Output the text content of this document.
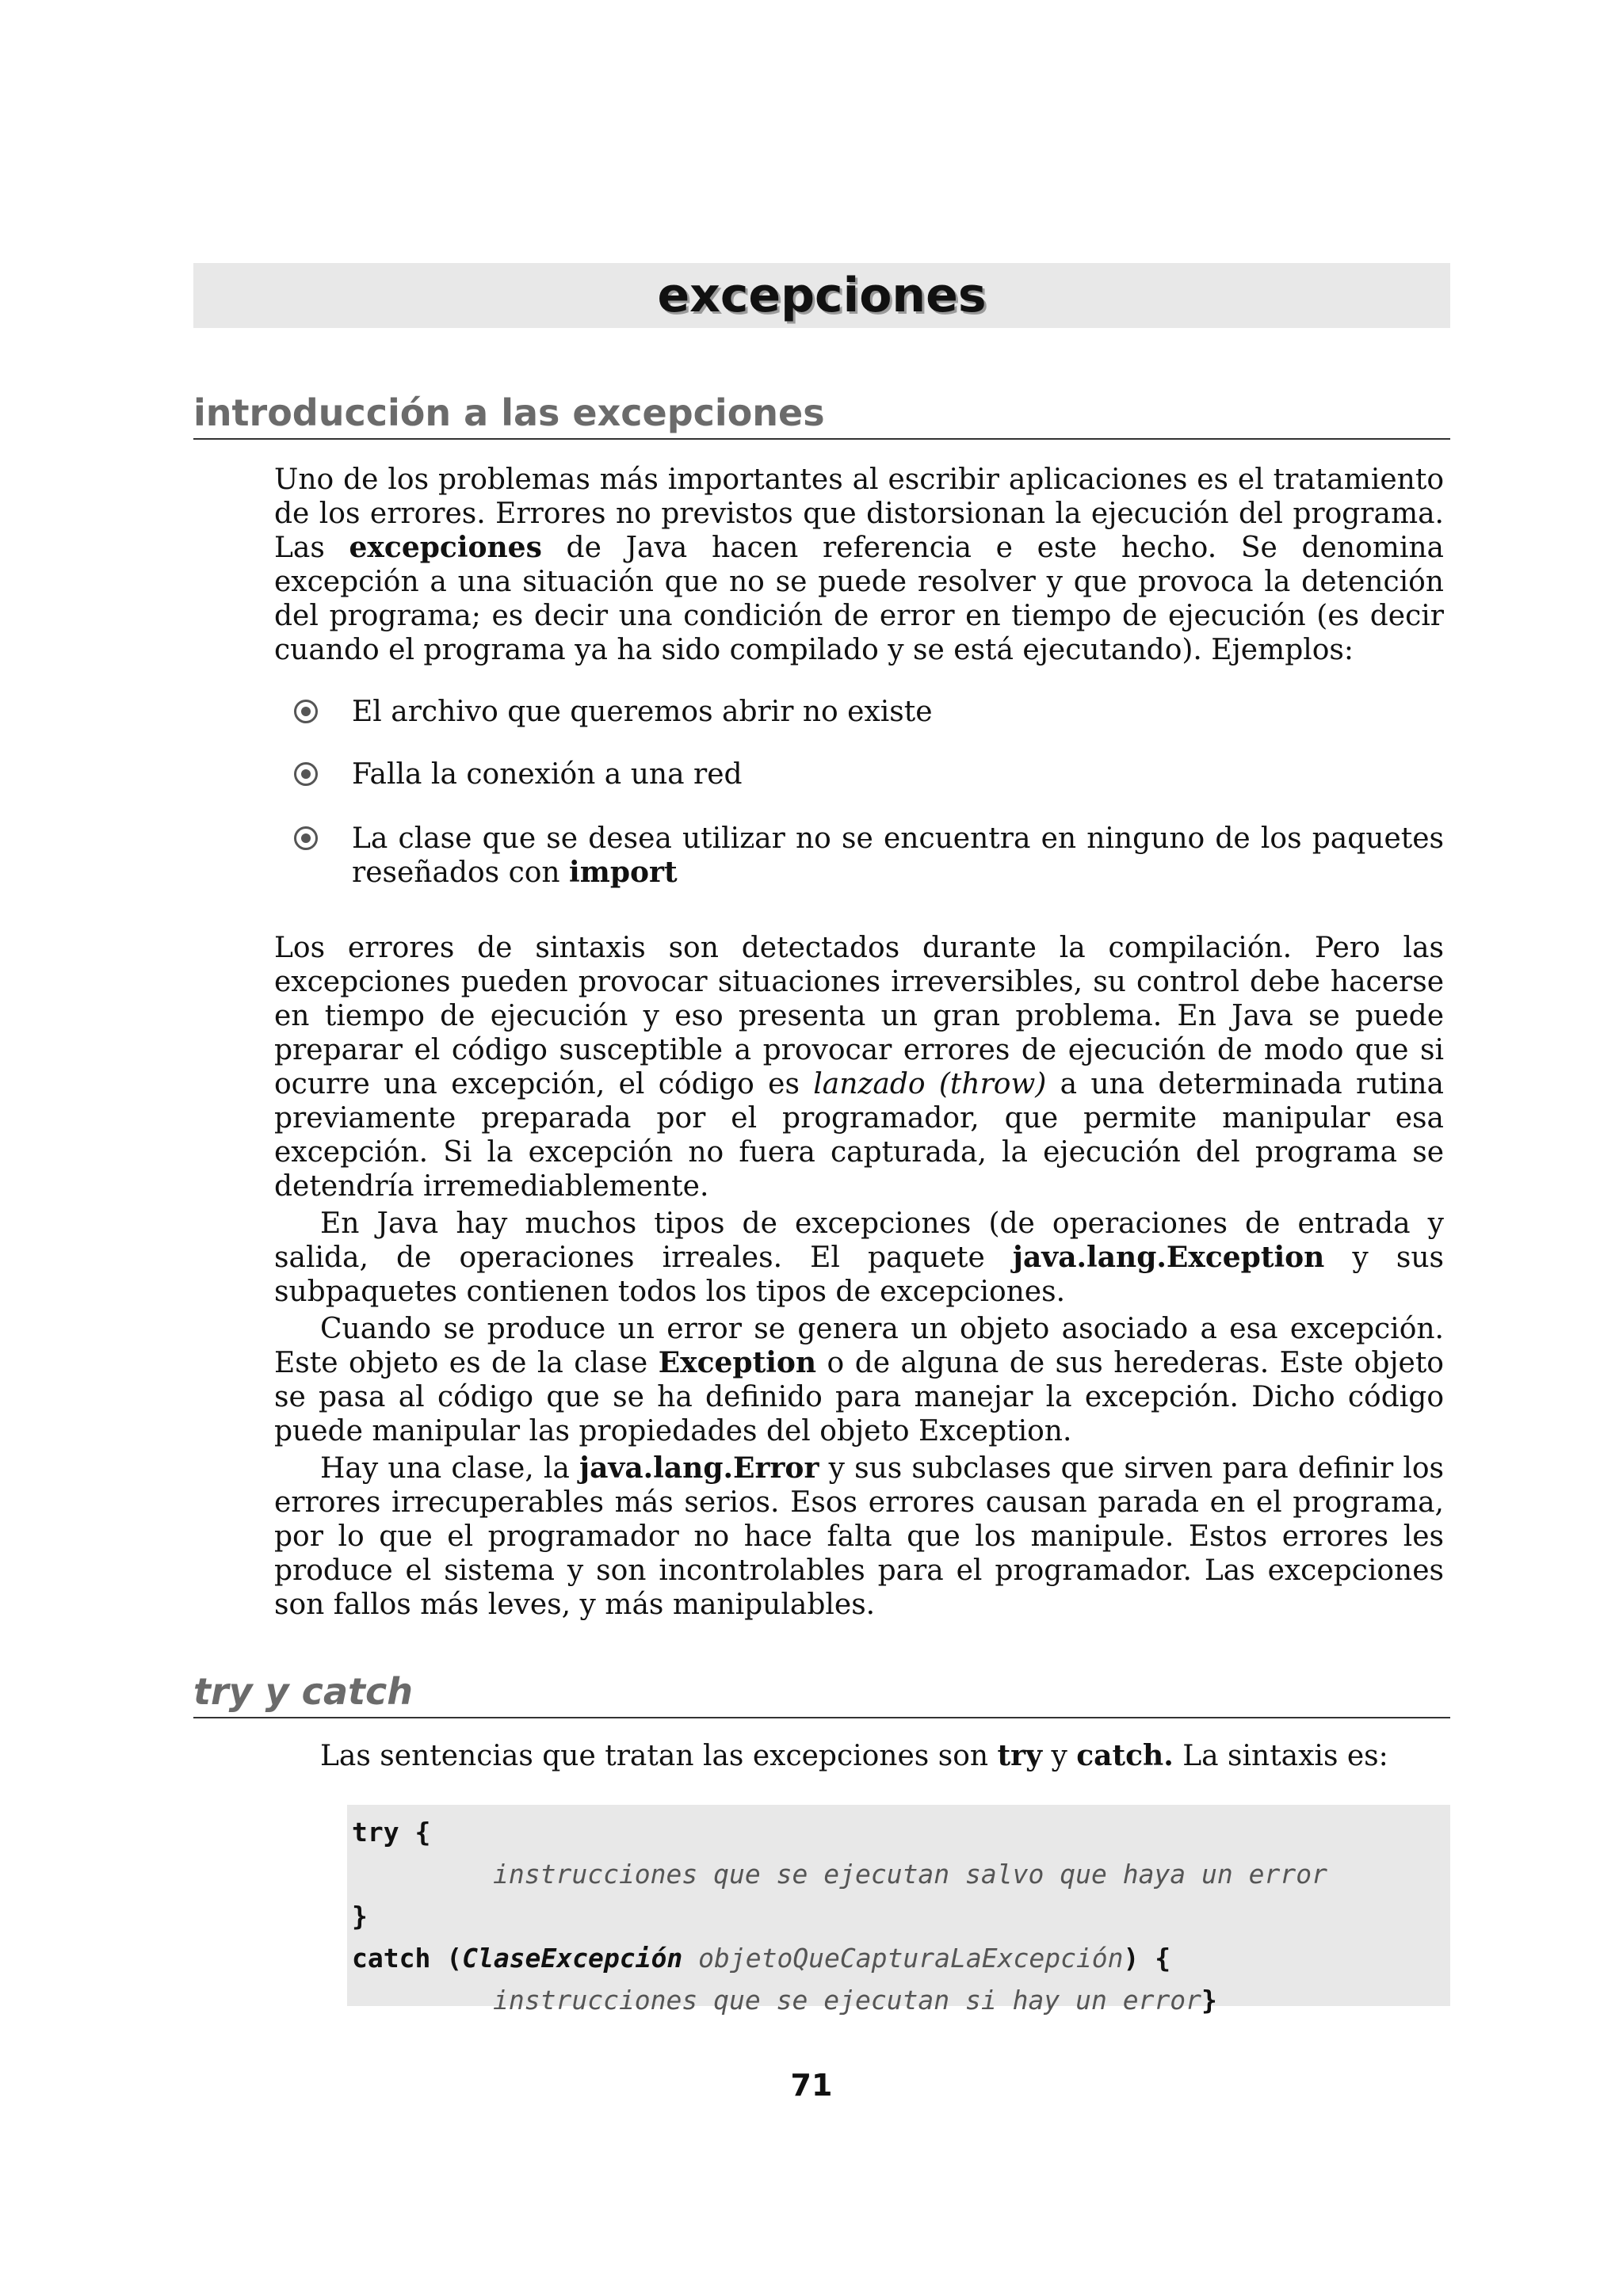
excepciones
introducción a las excepciones

Uno de los problemas más importantes al escribir aplicaciones es el tratamiento de los errores. Errores no previstos que distorsionan la ejecución del programa. Las excepciones de Java hacen referencia e este hecho. Se denomina excepción a una situación que no se puede resolver y que provoca la detención del programa; es decir una condición de error en tiempo de ejecución (es decir cuando el programa ya ha sido compilado y se está ejecutando). Ejemplos:

El archivo que queremos abrir no existe
Falla la conexión a una red
La clase que se desea utilizar no se encuentra en ninguno de los paquetes reseñados con import

Los errores de sintaxis son detectados durante la compilación. Pero las excepciones pueden provocar situaciones irreversibles, su control debe hacerse en tiempo de ejecución y eso presenta un gran problema. En Java se puede preparar el código susceptible a provocar errores de ejecución de modo que si ocurre una excepción, el código es lanzado (throw) a una determinada rutina previamente preparada por el programador, que permite manipular esa excepción. Si la excepción no fuera capturada, la ejecución del programa se detendría irremediablemente.

En Java hay muchos tipos de excepciones (de operaciones de entrada y salida, de operaciones irreales. El paquete java.lang.Exception y sus subpaquetes contienen todos los tipos de excepciones.

Cuando se produce un error se genera un objeto asociado a esa excepción. Este objeto es de la clase Exception o de alguna de sus herederas. Este objeto se pasa al código que se ha definido para manejar la excepción. Dicho código puede manipular las propiedades del objeto Exception.

Hay una clase, la java.lang.Error y sus subclases que sirven para definir los errores irrecuperables más serios. Esos errores causan parada en el programa, por lo que el programador no hace falta que los manipule. Estos errores les produce el sistema y son incontrolables para el programador. Las excepciones son fallos más leves, y más manipulables.

try y catch

Las sentencias que tratan las excepciones son try y catch. La sintaxis es:

try {
instrucciones que se ejecutan salvo que haya un error
}
catch (ClaseExcepción objetoQueCapturaLaExcepción) {
instrucciones que se ejecutan si hay un error}
71
